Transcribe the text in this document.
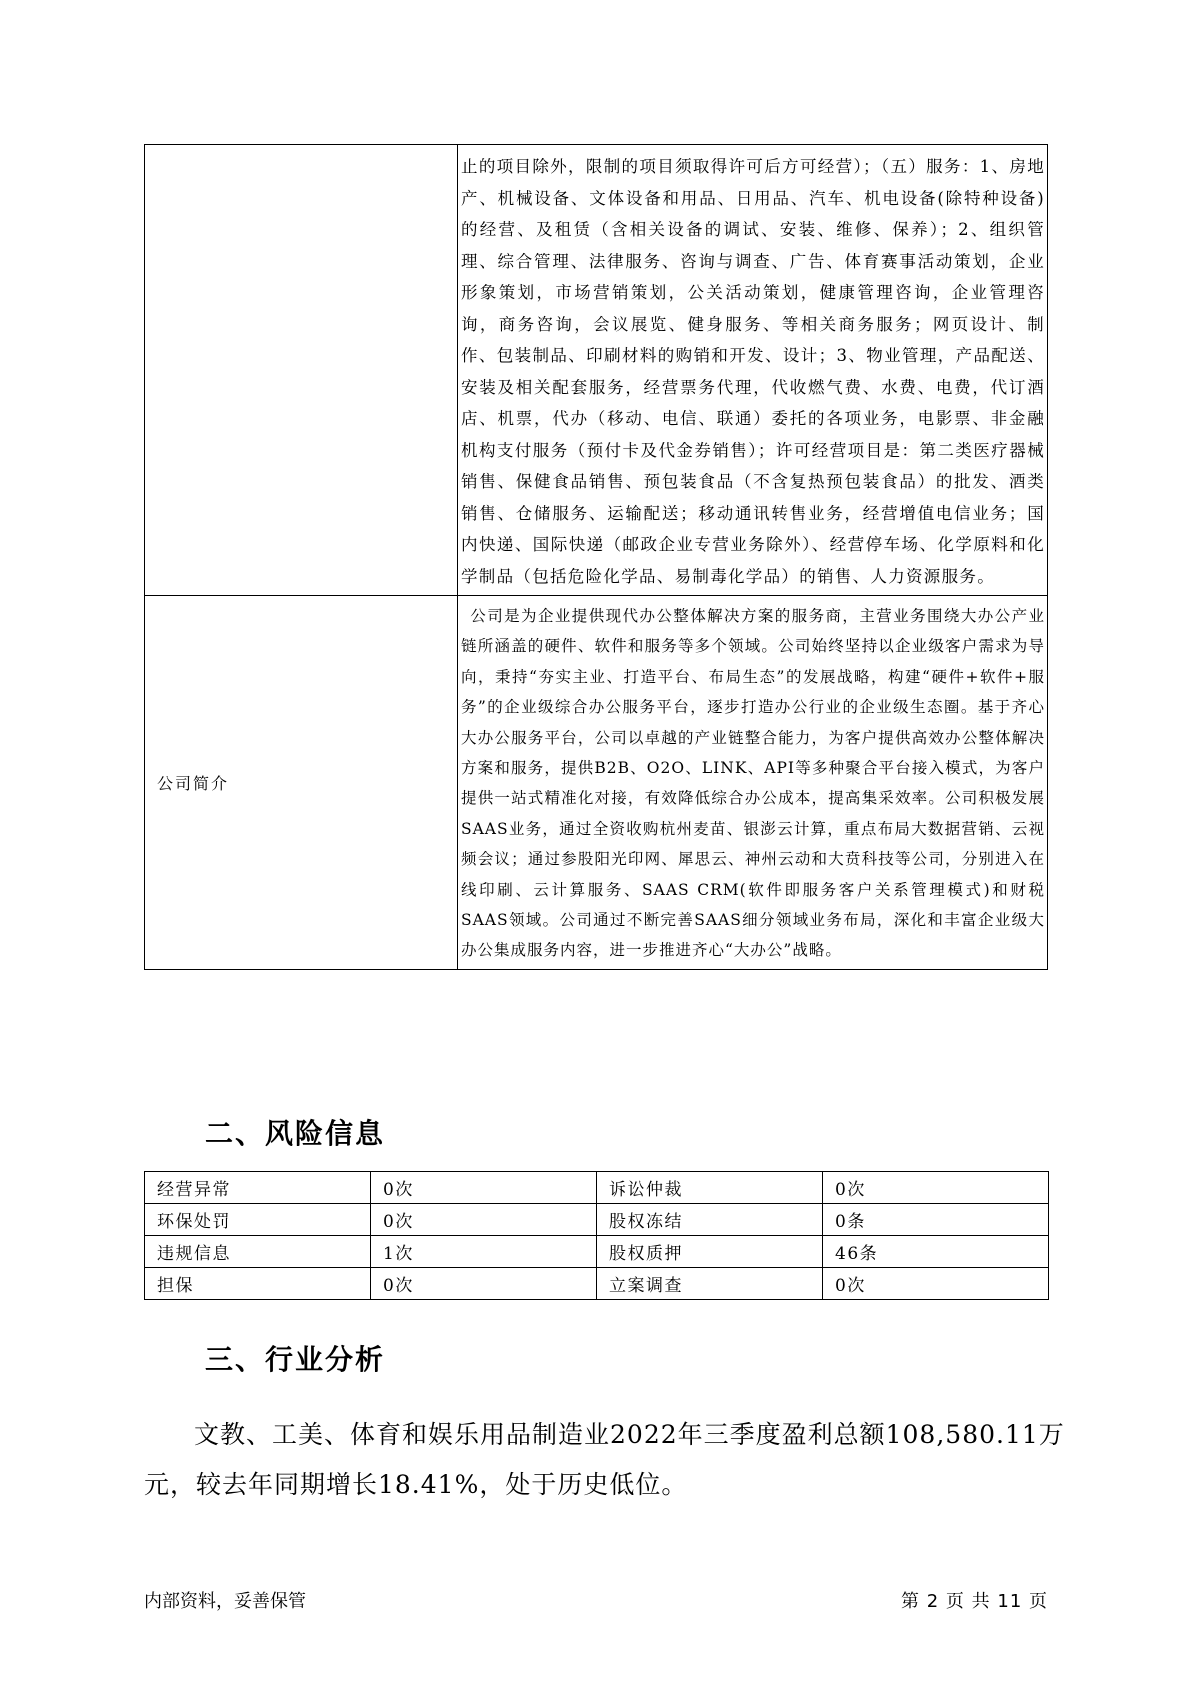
	止的项目除外，限制的项目须取得许可后方可经营）；（五）服务：1、房地产、机械设备、文体设备和用品、日用品、汽车、机电设备(除特种设备)的经营、及租赁（含相关设备的调试、安装、维修、保养）；2、组织管理、综合管理、法律服务、咨询与调查、广告、体育赛事活动策划，企业形象策划，市场营销策划，公关活动策划，健康管理咨询，企业管理咨询，商务咨询，会议展览、健身服务、等相关商务服务；网页设计、制作、包装制品、印刷材料的购销和开发、设计；3、物业管理，产品配送、安装及相关配套服务，经营票务代理，代收燃气费、水费、电费，代订酒店、机票，代办（移动、电信、联通）委托的各项业务，电影票、非金融机构支付服务（预付卡及代金券销售）；许可经营项目是：第二类医疗器械销售、保健食品销售、预包装食品（不含复热预包装食品）的批发、酒类销售、仓储服务、运输配送；移动通讯转售业务，经营增值电信业务；国内快递、国际快递（邮政企业专营业务除外）、经营停车场、化学原料和化学制品（包括危险化学品、易制毒化学品）的销售、人力资源服务。
公司简介	公司是为企业提供现代办公整体解决方案的服务商，主营业务围绕大办公产业链所涵盖的硬件、软件和服务等多个领域。公司始终坚持以企业级客户需求为导向，秉持“夯实主业、打造平台、布局生态”的发展战略，构建“硬件+软件+服务”的企业级综合办公服务平台，逐步打造办公行业的企业级生态圈。基于齐心大办公服务平台，公司以卓越的产业链整合能力，为客户提供高效办公整体解决方案和服务，提供B2B、O2O、LINK、API等多种聚合平台接入模式，为客户提供一站式精准化对接，有效降低综合办公成本，提高集采效率。公司积极发展SAAS业务，通过全资收购杭州麦苗、银澎云计算，重点布局大数据营销、云视频会议；通过参股阳光印网、犀思云、神州云动和大贲科技等公司，分别进入在线印刷、云计算服务、SAAS CRM(软件即服务客户关系管理模式)和财税SAAS领域。公司通过不断完善SAAS细分领域业务布局，深化和丰富企业级大办公集成服务内容，进一步推进齐心“大办公”战略。
二、风险信息
经营异常	0次	诉讼仲裁	0次
环保处罚	0次	股权冻结	0条
违规信息	1次	股权质押	46条
担保	0次	立案调查	0次
三、行业分析

文教、工美、体育和娱乐用品制造业2022年三季度盈利总额108,580.11万元，较去年同期增长18.41%，处于历史低位。

内部资料，妥善保管	第 2 页 共 11 页
